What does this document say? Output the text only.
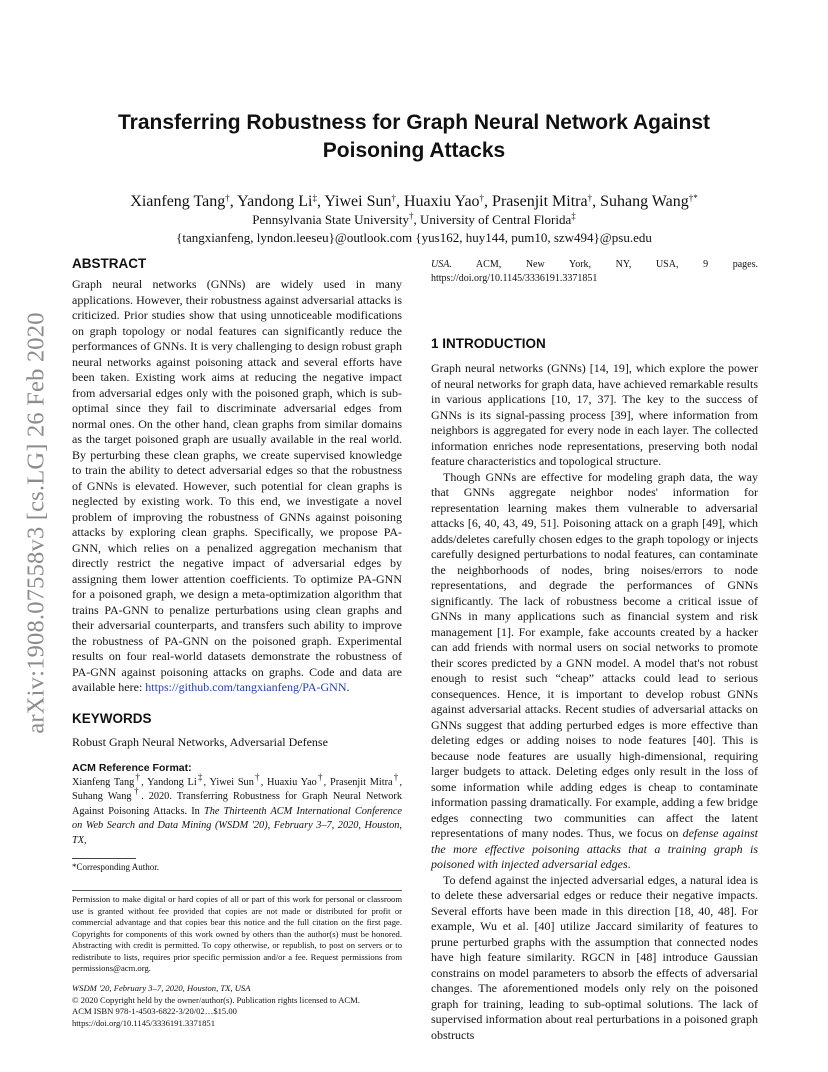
arXiv:1908.07558v3 [cs.LG] 26 Feb 2020
Transferring Robustness for Graph Neural Network Against
Poisoning Attacks
Xianfeng Tang†, Yandong Li‡, Yiwei Sun†, Huaxiu Yao†, Prasenjit Mitra†, Suhang Wang†*
Pennsylvania State University†, University of Central Florida‡
{tangxianfeng, lyndon.leeseu}@outlook.com {yus162, huy144, pum10, szw494}@psu.edu
ABSTRACT

Graph neural networks (GNNs) are widely used in many applications. However, their robustness against adversarial attacks is criticized. Prior studies show that using unnoticeable modifications on graph topology or nodal features can significantly reduce the performances of GNNs. It is very challenging to design robust graph neural networks against poisoning attack and several efforts have been taken. Existing work aims at reducing the negative impact from adversarial edges only with the poisoned graph, which is sub-optimal since they fail to discriminate adversarial edges from normal ones. On the other hand, clean graphs from similar domains as the target poisoned graph are usually available in the real world. By perturbing these clean graphs, we create supervised knowledge to train the ability to detect adversarial edges so that the robustness of GNNs is elevated. However, such potential for clean graphs is neglected by existing work. To this end, we investigate a novel problem of improving the robustness of GNNs against poisoning attacks by exploring clean graphs. Specifically, we propose PA-GNN, which relies on a penalized aggregation mechanism that directly restrict the negative impact of adversarial edges by assigning them lower attention coefficients. To optimize PA-GNN for a poisoned graph, we design a meta-optimization algorithm that trains PA-GNN to penalize perturbations using clean graphs and their adversarial counterparts, and transfers such ability to improve the robustness of PA-GNN on the poisoned graph. Experimental results on four real-world datasets demonstrate the robustness of PA-GNN against poisoning attacks on graphs. Code and data are available here: https://github.com/tangxianfeng/PA-GNN.

KEYWORDS

Robust Graph Neural Networks, Adversarial Defense

ACM Reference Format:

Xianfeng Tang†, Yandong Li‡, Yiwei Sun†, Huaxiu Yao†, Prasenjit Mitra†, Suhang Wang†. 2020. Transferring Robustness for Graph Neural Network Against Poisoning Attacks. In The Thirteenth ACM International Conference on Web Search and Data Mining (WSDM '20), February 3–7, 2020, Houston, TX,

*Corresponding Author.

Permission to make digital or hard copies of all or part of this work for personal or classroom use is granted without fee provided that copies are not made or distributed for profit or commercial advantage and that copies bear this notice and the full citation on the first page. Copyrights for components of this work owned by others than the author(s) must be honored. Abstracting with credit is permitted. To copy otherwise, or republish, to post on servers or to redistribute to lists, requires prior specific permission and/or a fee. Request permissions from permissions@acm.org.

WSDM '20, February 3–7, 2020, Houston, TX, USA

© 2020 Copyright held by the owner/author(s). Publication rights licensed to ACM.

ACM ISBN 978-1-4503-6822-3/20/02…$15.00

https://doi.org/10.1145/3336191.3371851

USA. ACM, New York, NY, USA, 9 pages. https://doi.org/10.1145/3336191.3371851

1 INTRODUCTION

Graph neural networks (GNNs) [14, 19], which explore the power of neural networks for graph data, have achieved remarkable results in various applications [10, 17, 37]. The key to the success of GNNs is its signal-passing process [39], where information from neighbors is aggregated for every node in each layer. The collected information enriches node representations, preserving both nodal feature characteristics and topological structure.

Though GNNs are effective for modeling graph data, the way that GNNs aggregate neighbor nodes' information for representation learning makes them vulnerable to adversarial attacks [6, 40, 43, 49, 51]. Poisoning attack on a graph [49], which adds/deletes carefully chosen edges to the graph topology or injects carefully designed perturbations to nodal features, can contaminate the neighborhoods of nodes, bring noises/errors to node representations, and degrade the performances of GNNs significantly. The lack of robustness become a critical issue of GNNs in many applications such as financial system and risk management [1]. For example, fake accounts created by a hacker can add friends with normal users on social networks to promote their scores predicted by a GNN model. A model that's not robust enough to resist such “cheap” attacks could lead to serious consequences. Hence, it is important to develop robust GNNs against adversarial attacks. Recent studies of adversarial attacks on GNNs suggest that adding perturbed edges is more effective than deleting edges or adding noises to node features [40]. This is because node features are usually high-dimensional, requiring larger budgets to attack. Deleting edges only result in the loss of some information while adding edges is cheap to contaminate information passing dramatically. For example, adding a few bridge edges connecting two communities can affect the latent representations of many nodes. Thus, we focus on defense against the more effective poisoning attacks that a training graph is poisoned with injected adversarial edges.

To defend against the injected adversarial edges, a natural idea is to delete these adversarial edges or reduce their negative impacts. Several efforts have been made in this direction [18, 40, 48]. For example, Wu et al. [40] utilize Jaccard similarity of features to prune perturbed graphs with the assumption that connected nodes have high feature similarity. RGCN in [48] introduce Gaussian constrains on model parameters to absorb the effects of adversarial changes. The aforementioned models only rely on the poisoned graph for training, leading to sub-optimal solutions. The lack of supervised information about real perturbations in a poisoned graph obstructs
